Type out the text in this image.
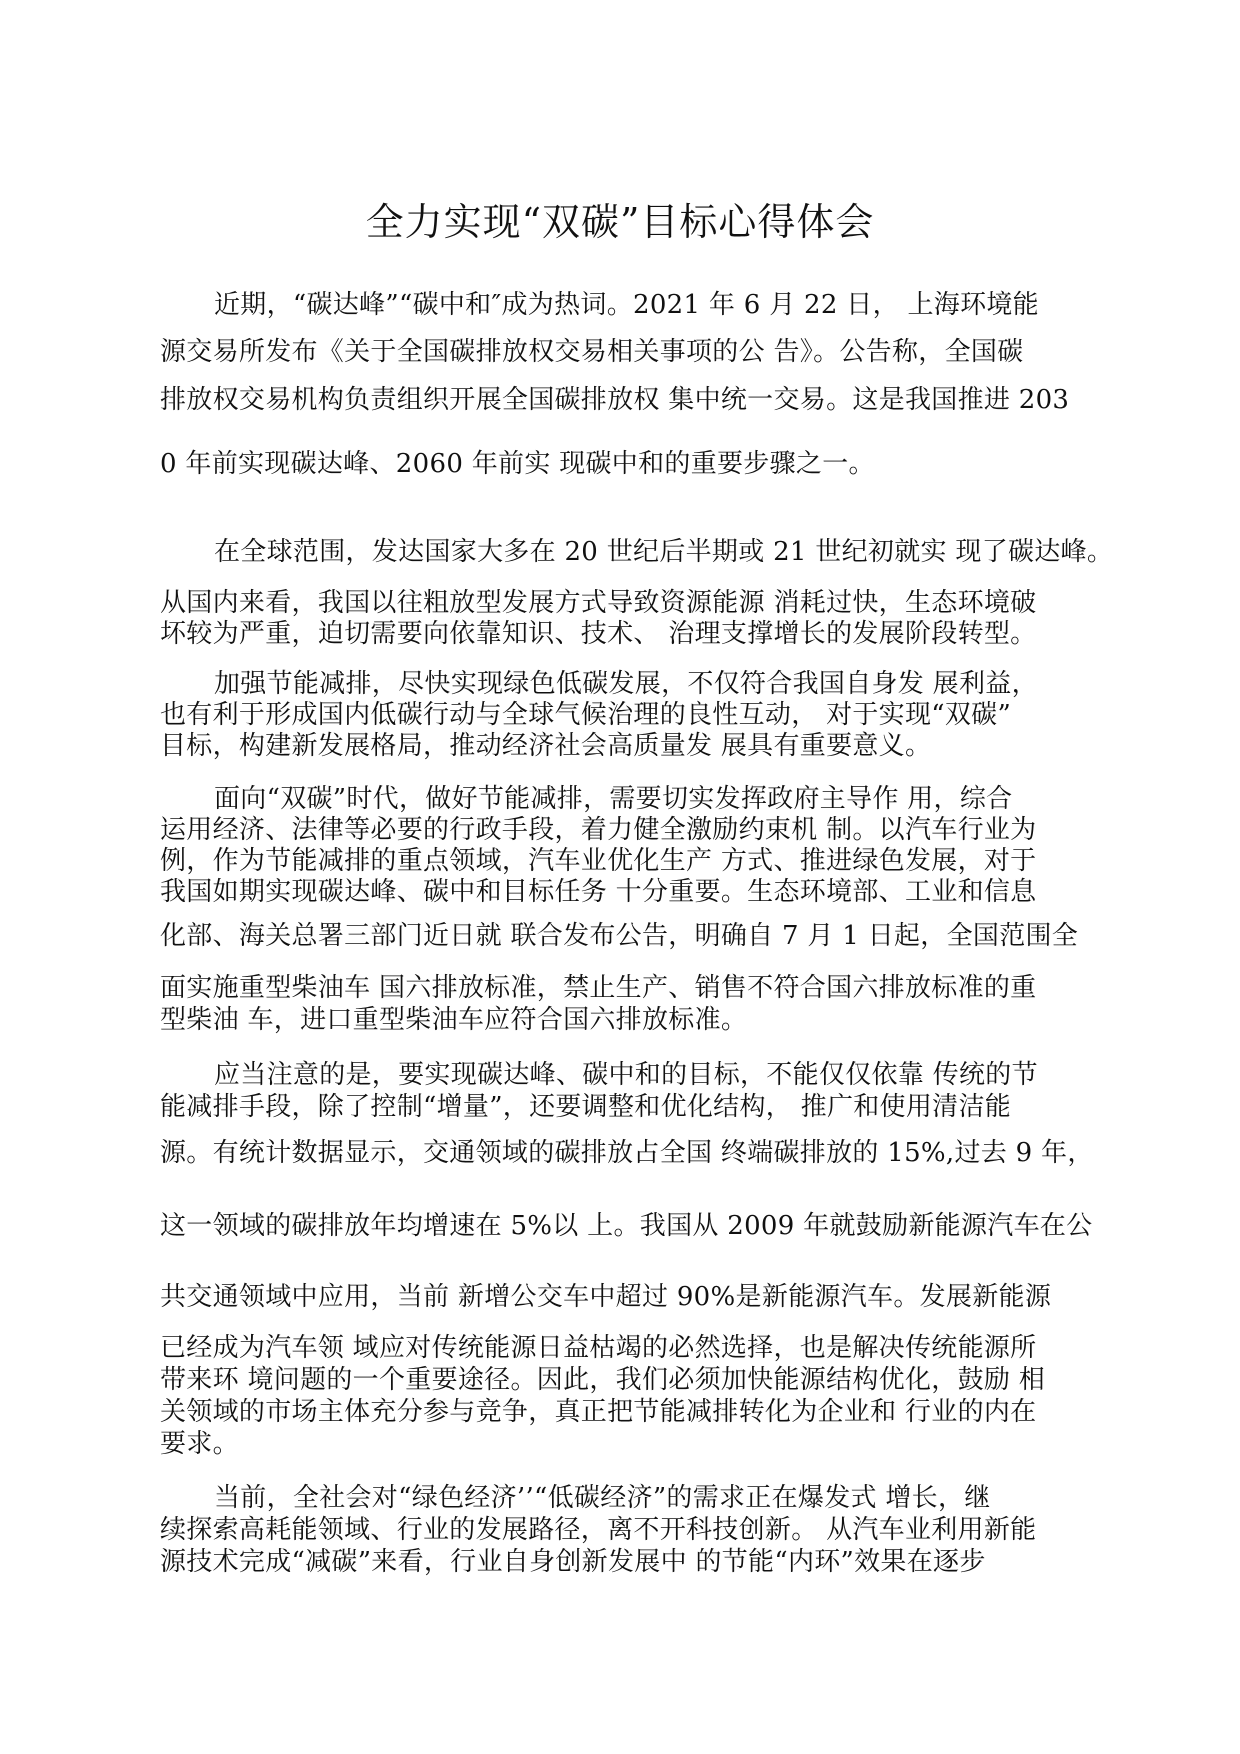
全力实现“双碳”目标心得体会
近期，“碳达峰”“碳中和″成为热词。2021 年 6 月 22 日， 上海环境能
源交易所发布《关于全国碳排放权交易相关事项的公 告》。公告称，全国碳
排放权交易机构负责组织开展全国碳排放权 集中统一交易。这是我国推进 203
0 年前实现碳达峰、2060 年前实 现碳中和的重要步骤之一。
在全球范围，发达国家大多在 20 世纪后半期或 21 世纪初就实 现了碳达峰。
从国内来看，我国以往粗放型发展方式导致资源能源 消耗过快，生态环境破
坏较为严重，迫切需要向依靠知识、技术、 治理支撑增长的发展阶段转型。
加强节能减排，尽快实现绿色低碳发展，不仅符合我国自身发 展利益，
也有利于形成国内低碳行动与全球气候治理的良性互动， 对于实现“双碳”
目标，构建新发展格局，推动经济社会高质量发 展具有重要意义。
面向“双碳”时代，做好节能减排，需要切实发挥政府主导作 用，综合
运用经济、法律等必要的行政手段，着力健全激励约束机 制。以汽车行业为
例，作为节能减排的重点领域，汽车业优化生产 方式、推进绿色发展，对于
我国如期实现碳达峰、碳中和目标任务 十分重要。生态环境部、工业和信息
化部、海关总署三部门近日就 联合发布公告，明确自 7 月 1 日起，全国范围全
面实施重型柴油车 国六排放标准，禁止生产、销售不符合国六排放标准的重
型柴油 车，进口重型柴油车应符合国六排放标准。
应当注意的是，要实现碳达峰、碳中和的目标，不能仅仅依靠 传统的节
能减排手段，除了控制“增量”，还要调整和优化结构， 推广和使用清洁能
源。有统计数据显示，交通领域的碳排放占全国 终端碳排放的 15%,过去 9 年，
这一领域的碳排放年均增速在 5%以 上。我国从 2009 年就鼓励新能源汽车在公
共交通领域中应用，当前 新增公交车中超过 90%是新能源汽车。发展新能源
已经成为汽车领 域应对传统能源日益枯竭的必然选择，也是解决传统能源所
带来环 境问题的一个重要途径。因此，我们必须加快能源结构优化，鼓励 相
关领域的市场主体充分参与竞争，真正把节能减排转化为企业和 行业的内在
要求。
当前，全社会对“绿色经济’’“低碳经济”的需求正在爆发式 增长，继
续探索高耗能领域、行业的发展路径，离不开科技创新。 从汽车业利用新能
源技术完成“减碳”来看，行业自身创新发展中 的节能“内环”效果在逐步
